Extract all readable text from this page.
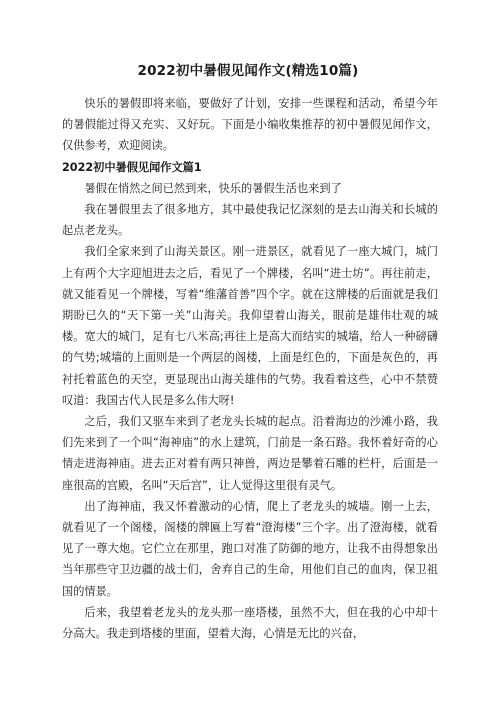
2022初中暑假见闻作文(精选10篇)

快乐的暑假即将来临，要做好了计划，安排一些课程和活动，希望今年的暑假能过得又充实、又好玩。下面是小编收集推荐的初中暑假见闻作文，仅供参考，欢迎阅读。

2022初中暑假见闻作文篇1

暑假在悄然之间已然到来，快乐的暑假生活也来到了

我在暑假里去了很多地方，其中最使我记忆深刻的是去山海关和长城的起点老龙头。

我们全家来到了山海关景区。刚一进景区，就看见了一座大城门，城门上有两个大字迎旭进去之后，看见了一个牌楼，名叫“进士坊”。再往前走，就又能看见一个牌楼，写着“维藩首善”四个字。就在这牌楼的后面就是我们期盼已久的“天下第一关”山海关。我仰望着山海关，眼前是雄伟壮观的城楼。宽大的城门，足有七八米高;再往上是高大而结实的城墙，给人一种磅礴的气势;城墙的上面则是一个两层的阁楼，上面是红色的，下面是灰色的，再衬托着蓝色的天空，更显现出山海关雄伟的气势。我看着这些，心中不禁赞叹道：我国古代人民是多么伟大呀!

之后，我们又驱车来到了老龙头长城的起点。沿着海边的沙滩小路，我们先来到了一个叫“海神庙”的水上建筑，门前是一条石路。我怀着好奇的心情走进海神庙。进去正对着有两只神兽，两边是攀着石雕的栏杆，后面是一座很高的宫殿，名叫“天后宫”，让人觉得这里很有灵气。

出了海神庙，我又怀着激动的心情，爬上了老龙头的城墙。刚一上去，就看见了一个阁楼，阁楼的牌匾上写着“澄海楼”三个字。出了澄海楼，就看见了一尊大炮。它伫立在那里，跑口对准了防御的地方，让我不由得想象出当年那些守卫边疆的战士们，舍弃自己的生命，用他们自己的血肉，保卫祖国的情景。

后来，我望着老龙头的龙头那一座塔楼，虽然不大，但在我的心中却十分高大。我走到塔楼的里面，望着大海，心情是无比的兴奋，
